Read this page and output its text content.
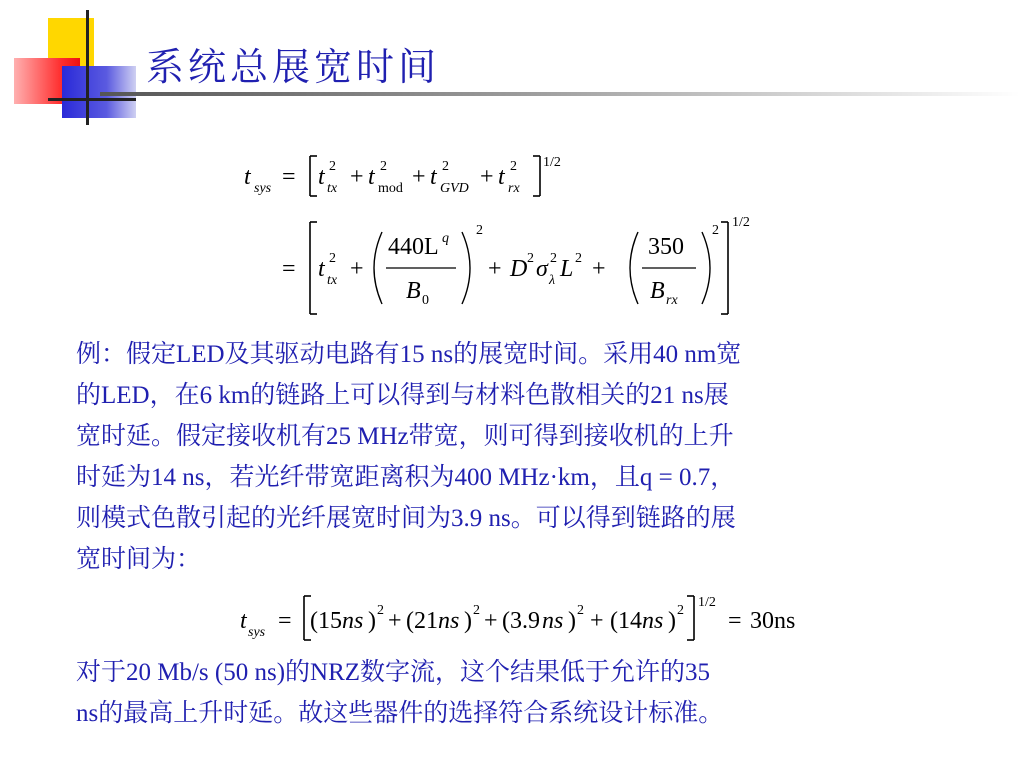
系统总展宽时间
t sys = t 2
tx + t 2
mod + t 2
GVD + t 2
rx
1/2
= t 2
tx +
440L q
B 0
2
+ D 2 σ 2
λ L 2 +
350
B rx
2
1/2
例：假定LED及其驱动电路有15 ns的展宽时间。采用40 nm宽
的LED，在6 km的链路上可以得到与材料色散相关的21 ns展
宽时延。假定接收机有25 MHz带宽，则可得到接收机的上升
时延为14 ns，若光纤带宽距离积为400 MHz·km，且q = 0.7，
则模式色散引起的光纤展宽时间为3.9 ns。可以得到链路的展
宽时间为：
t sys = ( 15 ns ) 2 + ( 21 ns ) 2 + ( 3.9 ns ) 2 + ( 14 ns ) 2
1/2
= 30ns
对于20 Mb/s (50 ns)的NRZ数字流，这个结果低于允许的35
ns的最高上升时延。故这些器件的选择符合系统设计标准。
